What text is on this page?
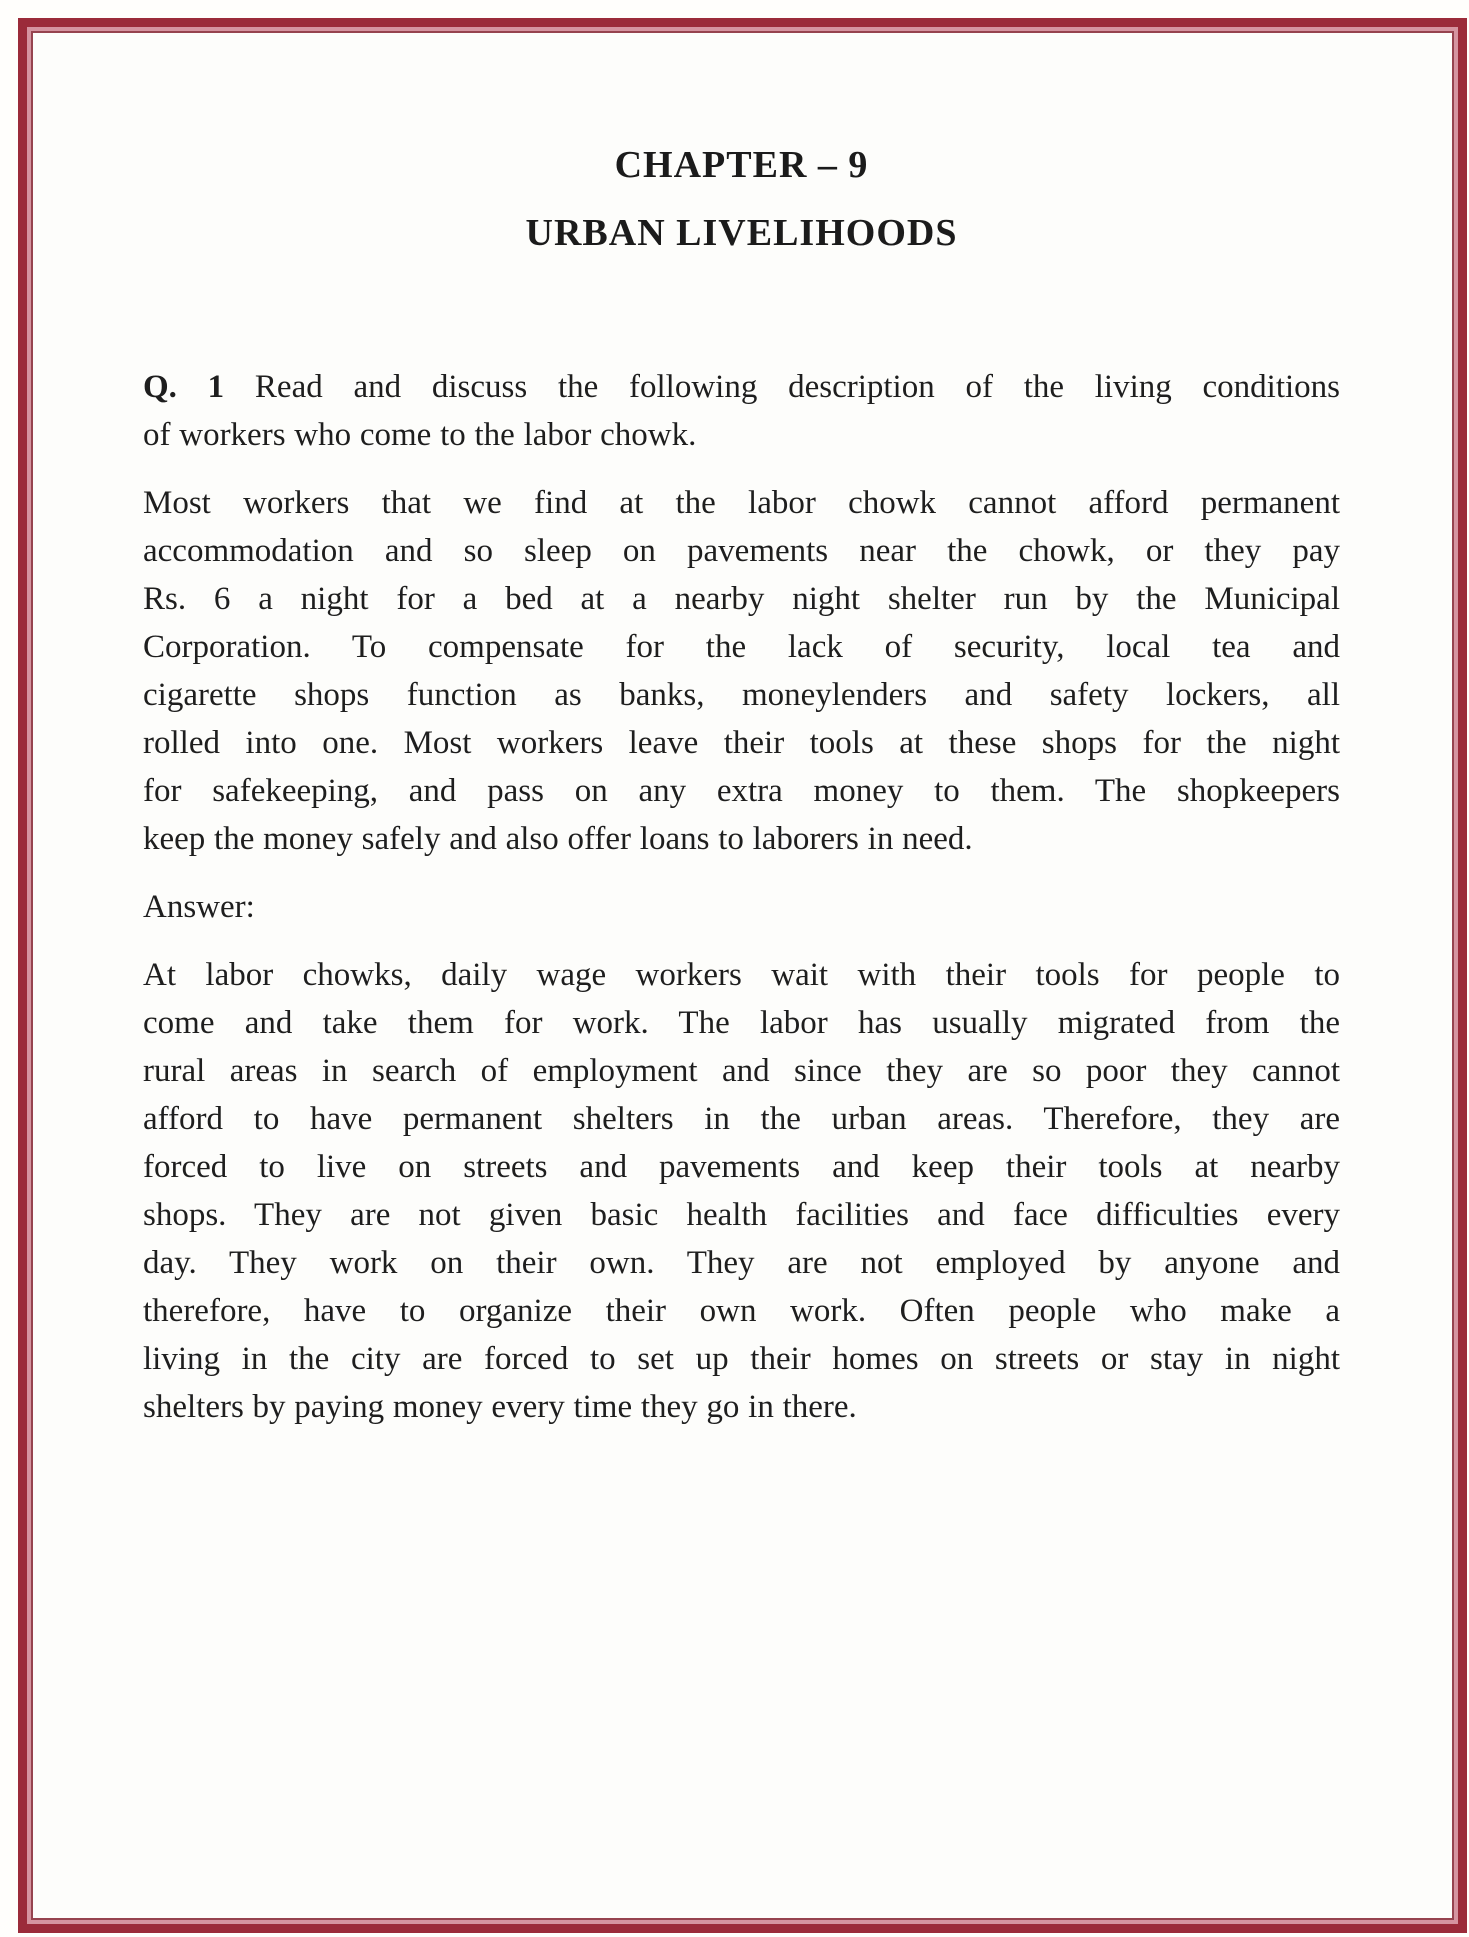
CHAPTER – 9
URBAN LIVELIHOODS
Q. 1 Read and discuss the following description of the living conditions
of workers who come to the labor chowk.
Most workers that we find at the labor chowk cannot afford permanent
accommodation and so sleep on pavements near the chowk, or they pay
Rs. 6 a night for a bed at a nearby night shelter run by the Municipal
Corporation. To compensate for the lack of security, local tea and
cigarette shops function as banks, moneylenders and safety lockers, all
rolled into one. Most workers leave their tools at these shops for the night
for safekeeping, and pass on any extra money to them. The shopkeepers
keep the money safely and also offer loans to laborers in need.
Answer:
At labor chowks, daily wage workers wait with their tools for people to
come and take them for work. The labor has usually migrated from the
rural areas in search of employment and since they are so poor they cannot
afford to have permanent shelters in the urban areas. Therefore, they are
forced to live on streets and pavements and keep their tools at nearby
shops. They are not given basic health facilities and face difficulties every
day. They work on their own. They are not employed by anyone and
therefore, have to organize their own work. Often people who make a
living in the city are forced to set up their homes on streets or stay in night
shelters by paying money every time they go in there.
